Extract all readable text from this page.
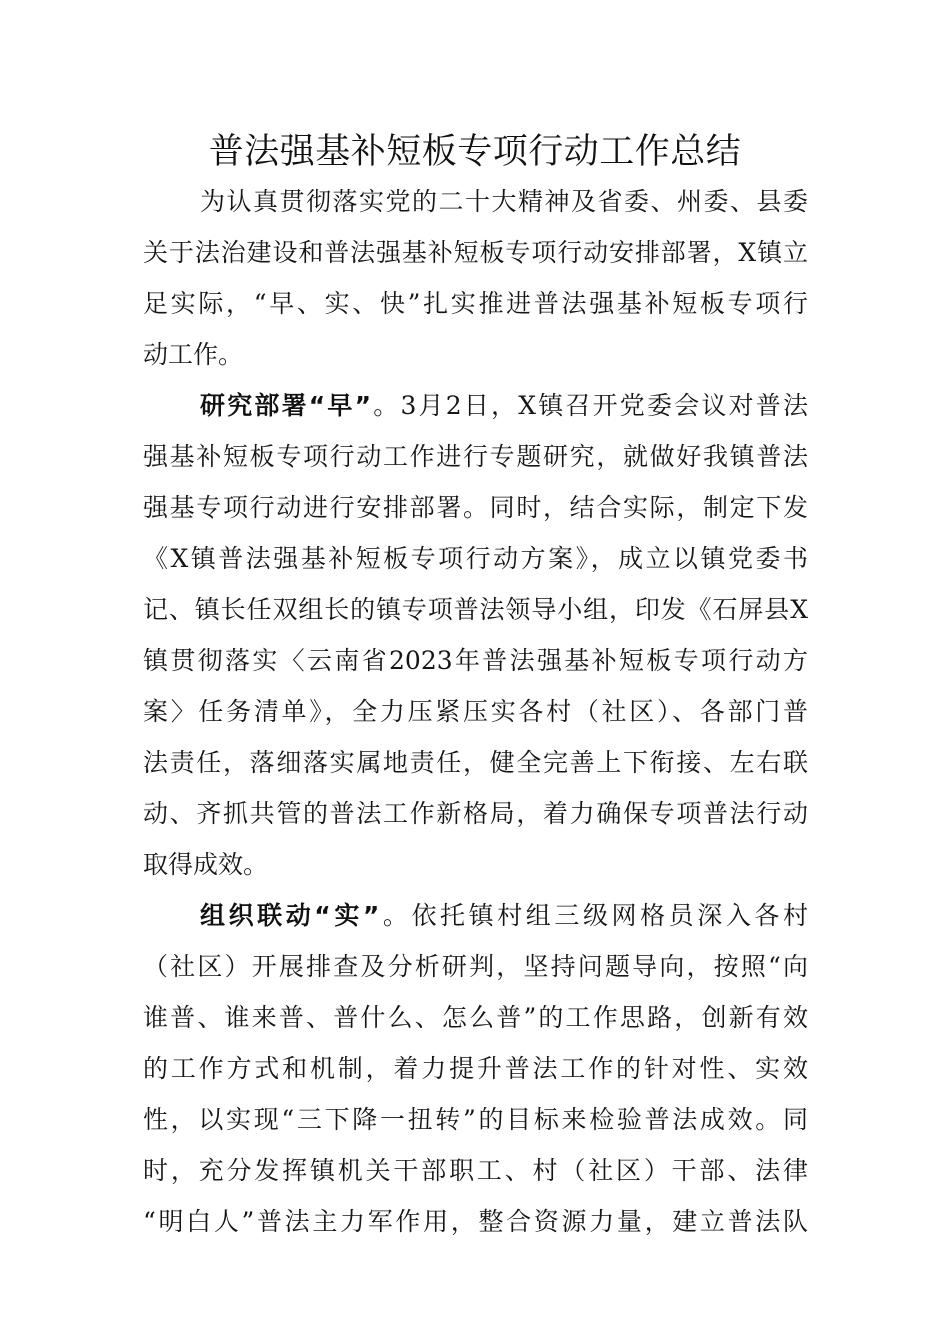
普法强基补短板专项行动工作总结
为认真贯彻落实党的二十大精神及省委、州委、县委
关于法治建设和普法强基补短板专项行动安排部署，X镇立
足实际，“早、实、快”扎实推进普法强基补短板专项行
动工作。
研究部署“早”。3月2日，X镇召开党委会议对普法
强基补短板专项行动工作进行专题研究，就做好我镇普法
强基专项行动进行安排部署。同时，结合实际，制定下发
《X镇普法强基补短板专项行动方案》，成立以镇党委书
记、镇长任双组长的镇专项普法领导小组，印发《石屏县X
镇贯彻落实〈云南省2023年普法强基补短板专项行动方
案〉任务清单》，全力压紧压实各村（社区）、各部门普
法责任，落细落实属地责任，健全完善上下衔接、左右联
动、齐抓共管的普法工作新格局，着力确保专项普法行动
取得成效。
组织联动“实”。依托镇村组三级网格员深入各村
（社区）开展排查及分析研判，坚持问题导向，按照“向
谁普、谁来普、普什么、怎么普”的工作思路，创新有效
的工作方式和机制，着力提升普法工作的针对性、实效
性，以实现“三下降一扭转”的目标来检验普法成效。同
时，充分发挥镇机关干部职工、村（社区）干部、法律
“明白人”普法主力军作用，整合资源力量，建立普法队
